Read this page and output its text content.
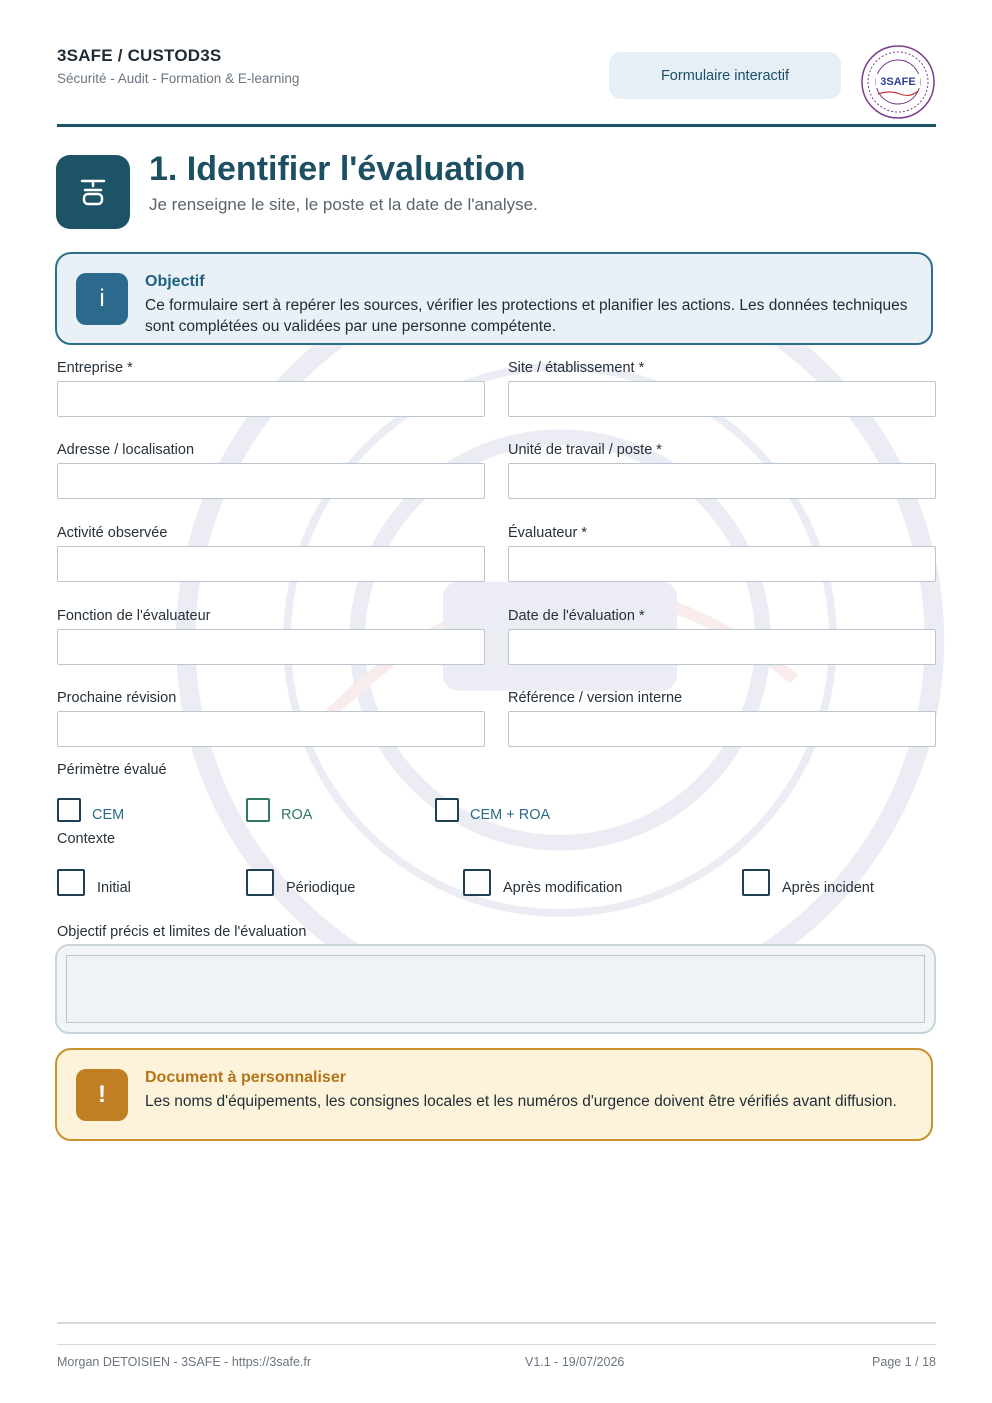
3SAFE / CUSTOD3S
Sécurité - Audit - Formation & E-learning	Formulaire interactif	3SAFE
1. Identifier l'évaluation
Je renseigne le site, le poste et la date de l'analyse.
i
Objectif
Ce formulaire sert à repérer les sources, vérifier les protections et planifier les actions. Les données techniques sont complétées ou validées par une personne compétente.
Entreprise *	Site / établissement *
Adresse / localisation	Unité de travail / poste *
Activité observée	Évaluateur *
Fonction de l'évaluateur	Date de l'évaluation *
Prochaine révision	Référence / version interne
Périmètre évalué
CEM	ROA	CEM + ROA
Contexte
Initial	Périodique	Après modification	Après incident
Objectif précis et limites de l'évaluation
!
Document à personnaliser
Les noms d'équipements, les consignes locales et les numéros d'urgence doivent être vérifiés avant diffusion.
Morgan DETOISIEN - 3SAFE - https://3safe.fr	V1.1 - 19/07/2026	Page 1 / 18
